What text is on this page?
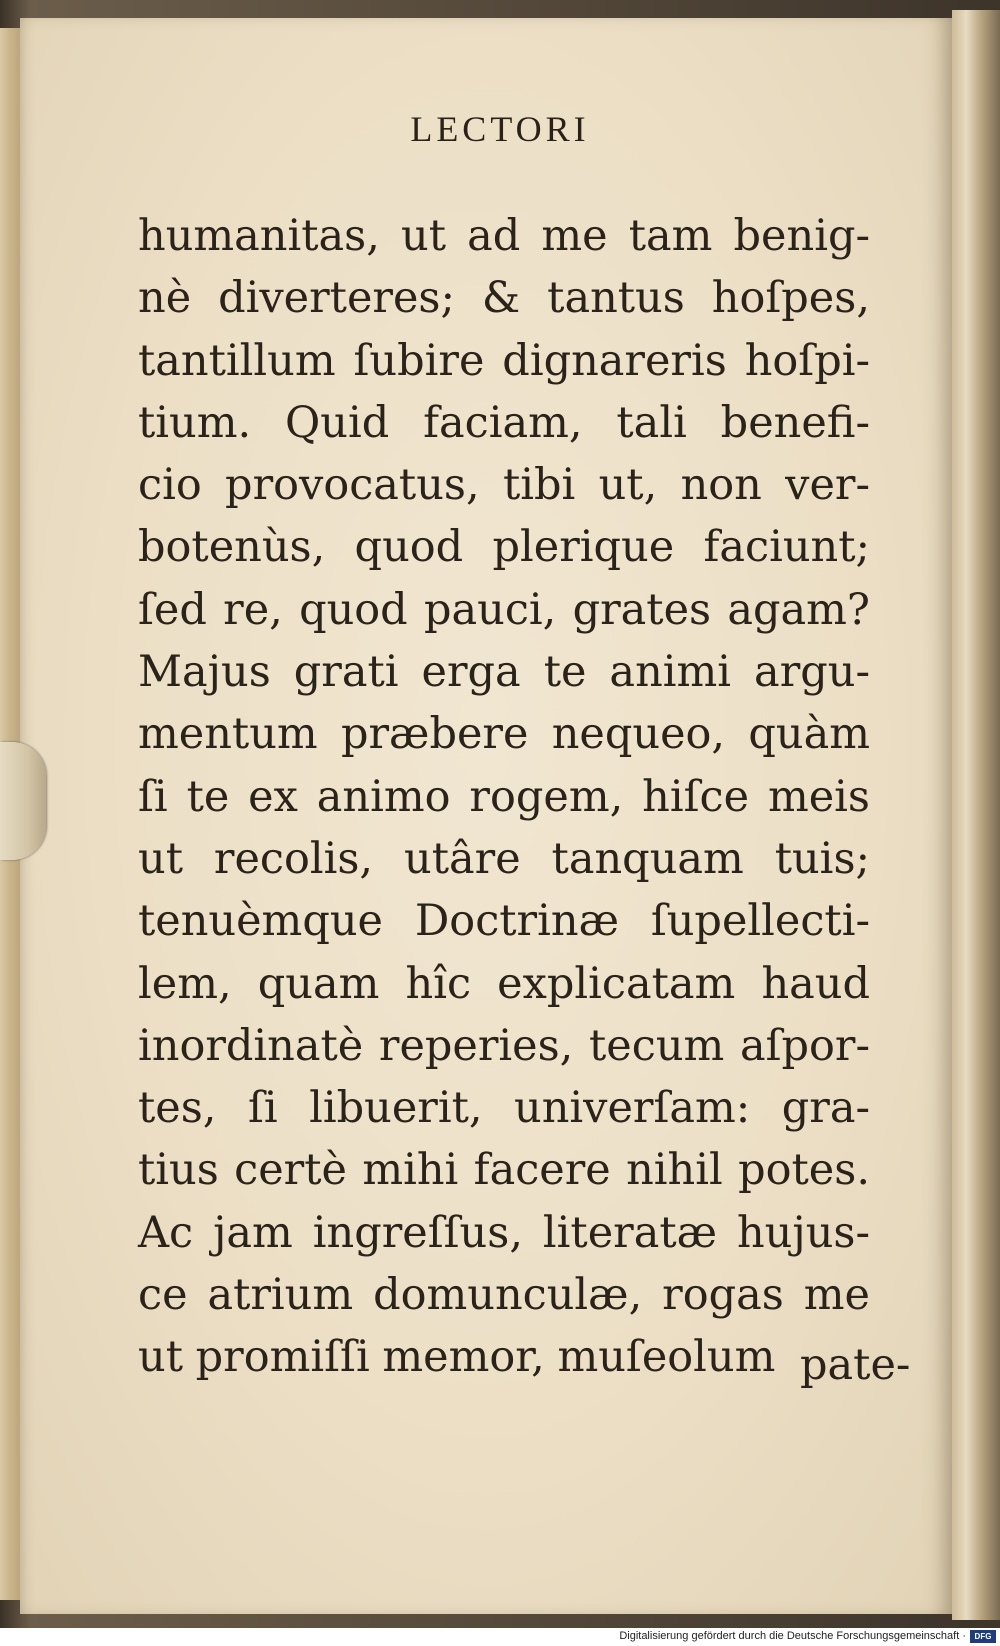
LECTORI
humanitas, ut ad me tam benig-
nè diverteres; & tantus hoſpes,
tantillum ſubire dignareris hoſpi-
tium. Quid faciam, tali benefi-
cio provocatus, tibi ut, non ver-
botenùs, quod plerique faciunt;
ſed re, quod pauci, grates agam?
Majus grati erga te animi argu-
mentum præbere nequeo, quàm
ſi te ex animo rogem, hiſce meis
ut recolis, utâre tanquam tuis;
tenuèmque Doctrinæ ſupellecti-
lem, quam hîc explicatam haud
inordinatè reperies, tecum aſpor-
tes, ſi libuerit, univerſam: gra-
tius certè mihi facere nihil potes.
Ac jam ingreſſus, literatæ hujus-
ce atrium domunculæ, rogas me
ut promiſſi memor, muſeolum pate-
Digitalisierung gefördert durch die Deutsche Forschungsgemeinschaft ·	DFG
